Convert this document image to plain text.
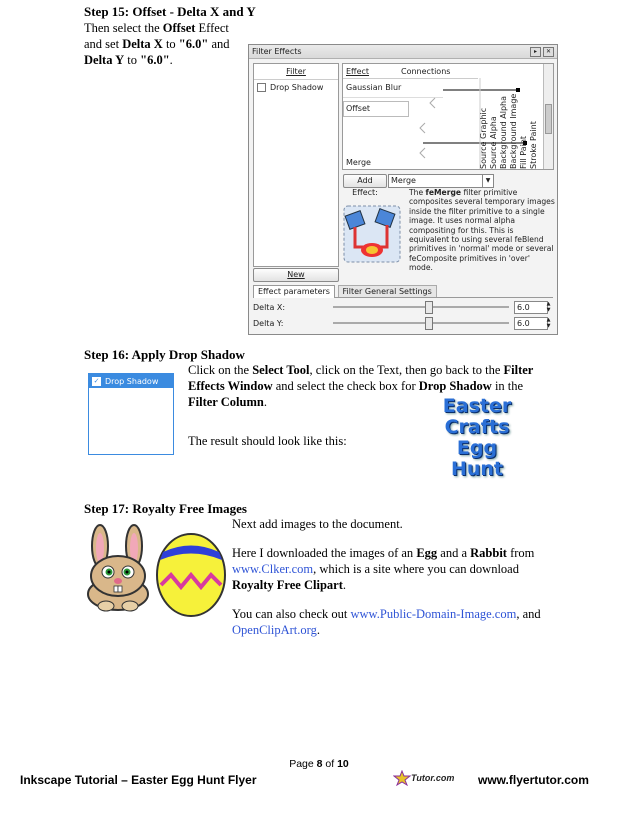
Step 15: Offset - Delta X and Y
Then select the Offset Effect
and set Delta X to "6.0" and
Delta Y to "6.0".
Filter Effects	▸	✕
Filter
Drop Shadow
New
Effect	Connections
Gaussian Blur
Offset
Merge	Source Graphic Source Alpha Background Alpha Background Image Fill Paint Stroke Paint
Add Effect:
Merge	▼
The feMerge filter primitive composites several temporary images inside the filter primitive to a single image. It uses normal alpha compositing for this. This is equivalent to using several feBlend primitives in 'normal' mode or several feComposite primitives in 'over' mode.
Effect parameters Filter General Settings
Delta X:	6.0	▲
▼
Delta Y:	6.0	▲
▼
Step 16: Apply Drop Shadow
Click on the Select Tool, click on the Text, then go back to the Filter
Effects Window and select the check box for Drop Shadow in the
Filter Column.
✓ Drop Shadow
The result should look like this:
Easter
Crafts
Egg
Hunt
Step 17: Royalty Free Images
Next add images to the document.
Here I downloaded the images of an Egg and a Rabbit from
www.Clker.com, which is a site where you can download
Royalty Free Clipart.
You can also check out www.Public-Domain-Image.com, and
OpenClipArt.org.
Page 8 of 10
Inkscape Tutorial – Easter Egg Hunt Flyer	Tutor.com www.flyertutor.com
